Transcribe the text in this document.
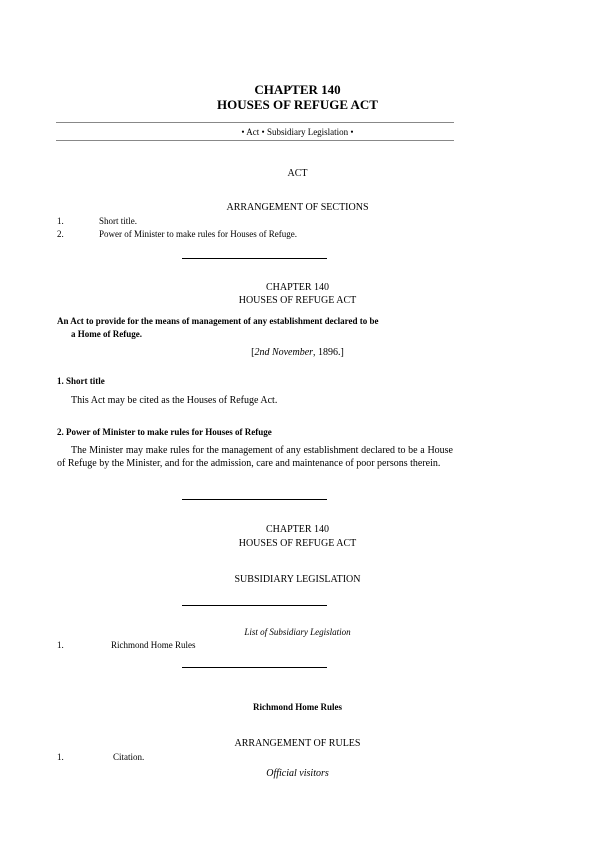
CHAPTER 140
HOUSES OF REFUGE ACT
• Act • Subsidiary Legislation •
ACT
ARRANGEMENT OF SECTIONS
1.	Short title.
2.	Power of Minister to make rules for Houses of Refuge.
CHAPTER 140
HOUSES OF REFUGE ACT
An Act to provide for the means of management of any establishment declared to be
a Home of Refuge.
[2nd November, 1896.]
1. Short title
This Act may be cited as the Houses of Refuge Act.
2. Power of Minister to make rules for Houses of Refuge
The Minister may make rules for the management of any establishment declared to be a House of Refuge by the Minister, and for the admission, care and maintenance of poor persons therein.
CHAPTER 140
HOUSES OF REFUGE ACT
SUBSIDIARY LEGISLATION
List of Subsidiary Legislation
1.	Richmond Home Rules
Richmond Home Rules
ARRANGEMENT OF RULES
1.	Citation.
Official visitors
